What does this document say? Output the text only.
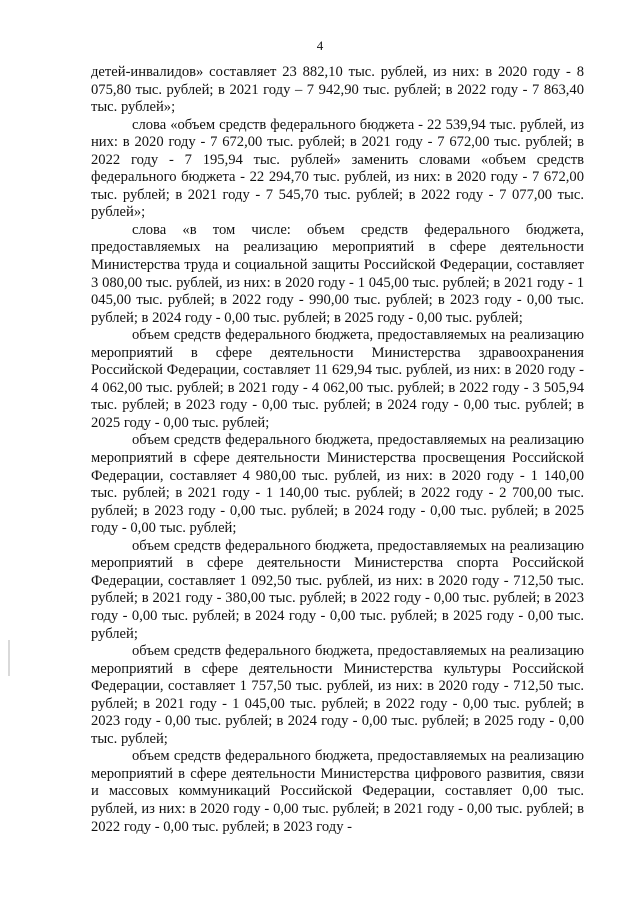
4

детей-инвалидов» составляет 23 882,10 тыс. рублей, из них: в 2020 году - 8 075,80 тыс. рублей; в 2021 году – 7 942,90 тыс. рублей; в 2022 году - 7 863,40 тыс. рублей»;

слова «объем средств федерального бюджета - 22 539,94 тыс. рублей, из них: в 2020 году - 7 672,00 тыс. рублей; в 2021 году - 7 672,00 тыс. рублей; в 2022 году - 7 195,94 тыс. рублей» заменить словами «объем средств федерального бюджета - 22 294,70 тыс. рублей, из них: в 2020 году - 7 672,00 тыс. рублей; в 2021 году - 7 545,70 тыс. рублей; в 2022 году - 7 077,00 тыс. рублей»;

слова «в том числе: объем средств федерального бюджета, предоставляемых на реализацию мероприятий в сфере деятельности Министерства труда и социальной защиты Российской Федерации, составляет 3 080,00 тыс. рублей, из них: в 2020 году - 1 045,00 тыс. рублей; в 2021 году - 1 045,00 тыс. рублей; в 2022 году - 990,00 тыс. рублей; в 2023 году - 0,00 тыс. рублей; в 2024 году - 0,00 тыс. рублей; в 2025 году - 0,00 тыс. рублей;

объем средств федерального бюджета, предоставляемых на реализацию мероприятий в сфере деятельности Министерства здравоохранения Российской Федерации, составляет 11 629,94 тыс. рублей, из них: в 2020 году - 4 062,00 тыс. рублей; в 2021 году - 4 062,00 тыс. рублей; в 2022 году - 3 505,94 тыс. рублей; в 2023 году - 0,00 тыс. рублей; в 2024 году - 0,00 тыс. рублей; в 2025 году - 0,00 тыс. рублей;

объем средств федерального бюджета, предоставляемых на реализацию мероприятий в сфере деятельности Министерства просвещения Российской Федерации, составляет 4 980,00 тыс. рублей, из них: в 2020 году - 1 140,00 тыс. рублей; в 2021 году - 1 140,00 тыс. рублей; в 2022 году - 2 700,00 тыс. рублей; в 2023 году - 0,00 тыс. рублей; в 2024 году - 0,00 тыс. рублей; в 2025 году - 0,00 тыс. рублей;

объем средств федерального бюджета, предоставляемых на реализацию мероприятий в сфере деятельности Министерства спорта Российской Федерации, составляет 1 092,50 тыс. рублей, из них: в 2020 году - 712,50 тыс. рублей; в 2021 году - 380,00 тыс. рублей; в 2022 году - 0,00 тыс. рублей; в 2023 году - 0,00 тыс. рублей; в 2024 году - 0,00 тыс. рублей; в 2025 году - 0,00 тыс. рублей;

объем средств федерального бюджета, предоставляемых на реализацию мероприятий в сфере деятельности Министерства культуры Российской Федерации, составляет 1 757,50 тыс. рублей, из них: в 2020 году - 712,50 тыс. рублей; в 2021 году - 1 045,00 тыс. рублей; в 2022 году - 0,00 тыс. рублей; в 2023 году - 0,00 тыс. рублей; в 2024 году - 0,00 тыс. рублей; в 2025 году - 0,00 тыс. рублей;

объем средств федерального бюджета, предоставляемых на реализацию мероприятий в сфере деятельности Министерства цифрового развития, связи и массовых коммуникаций Российской Федерации, составляет 0,00 тыс. рублей, из них: в 2020 году - 0,00 тыс. рублей; в 2021 году - 0,00 тыс. рублей; в 2022 году - 0,00 тыс. рублей; в 2023 году -
